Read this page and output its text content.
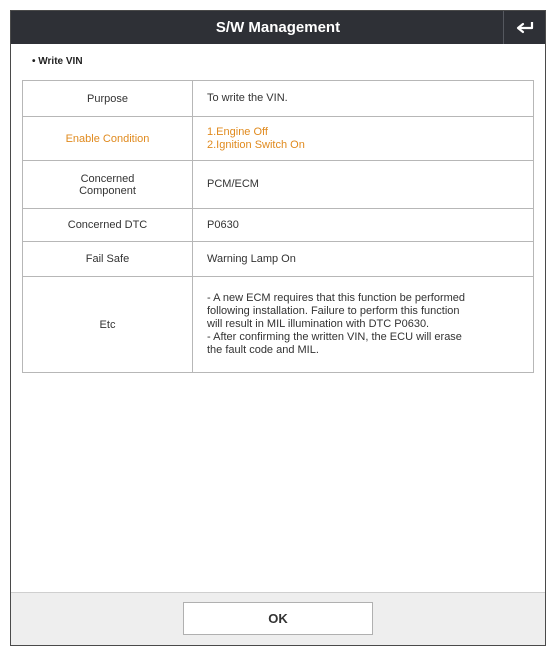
S/W Management
• Write VIN
Purpose	To write the VIN.

Enable Condition	1.Engine Off
2.Ignition Switch On

Concerned
Component	PCM/ECM

Concerned DTC	P0630

Fail Safe	Warning Lamp On

Etc	- A new ECM requires that this function be performed
following installation. Failure to perform this function
will result in MIL illumination with DTC P0630.
- After confirming the written VIN, the ECU will erase
the fault code and MIL.
OK
